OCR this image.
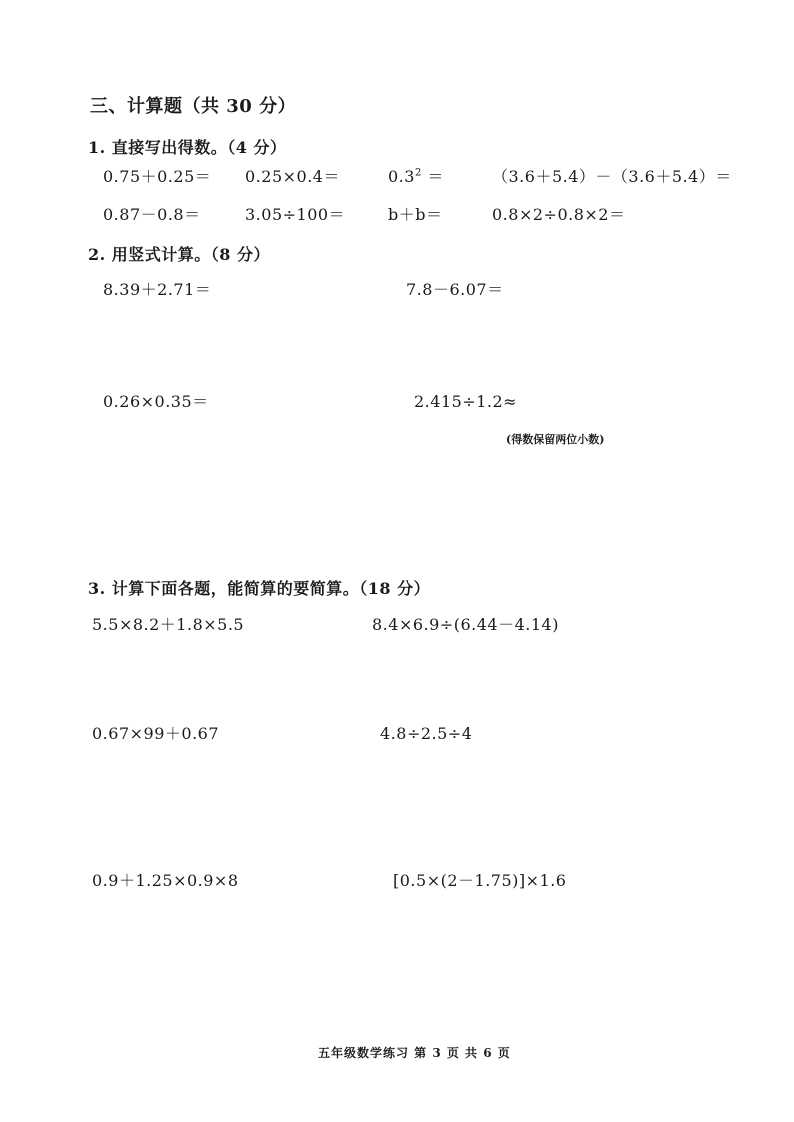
三、计算题（共 30 分）
1. 直接写出得数。（4 分）
0.75＋0.25＝ 0.25×0.4＝	$0.3^2$ ＝	（3.6＋5.4）－（3.6＋5.4）＝
0.87－0.8＝	3.05÷100＝	b＋b＝	0.8×2÷0.8×2＝
2. 用竖式计算。（8 分）
8.39＋2.71＝	7.8－6.07＝
0.26×0.35＝	2.415÷1.2≈
(得数保留两位小数)
3. 计算下面各题，能简算的要简算。（18 分）
5.5×8.2＋1.8×5.5	8.4×6.9÷(6.44－4.14)
0.67×99＋0.67	4.8÷2.5÷4
0.9＋1.25×0.9×8	[0.5×(2－1.75)]×1.6
五年级数学练习 第 3 页 共 6 页
